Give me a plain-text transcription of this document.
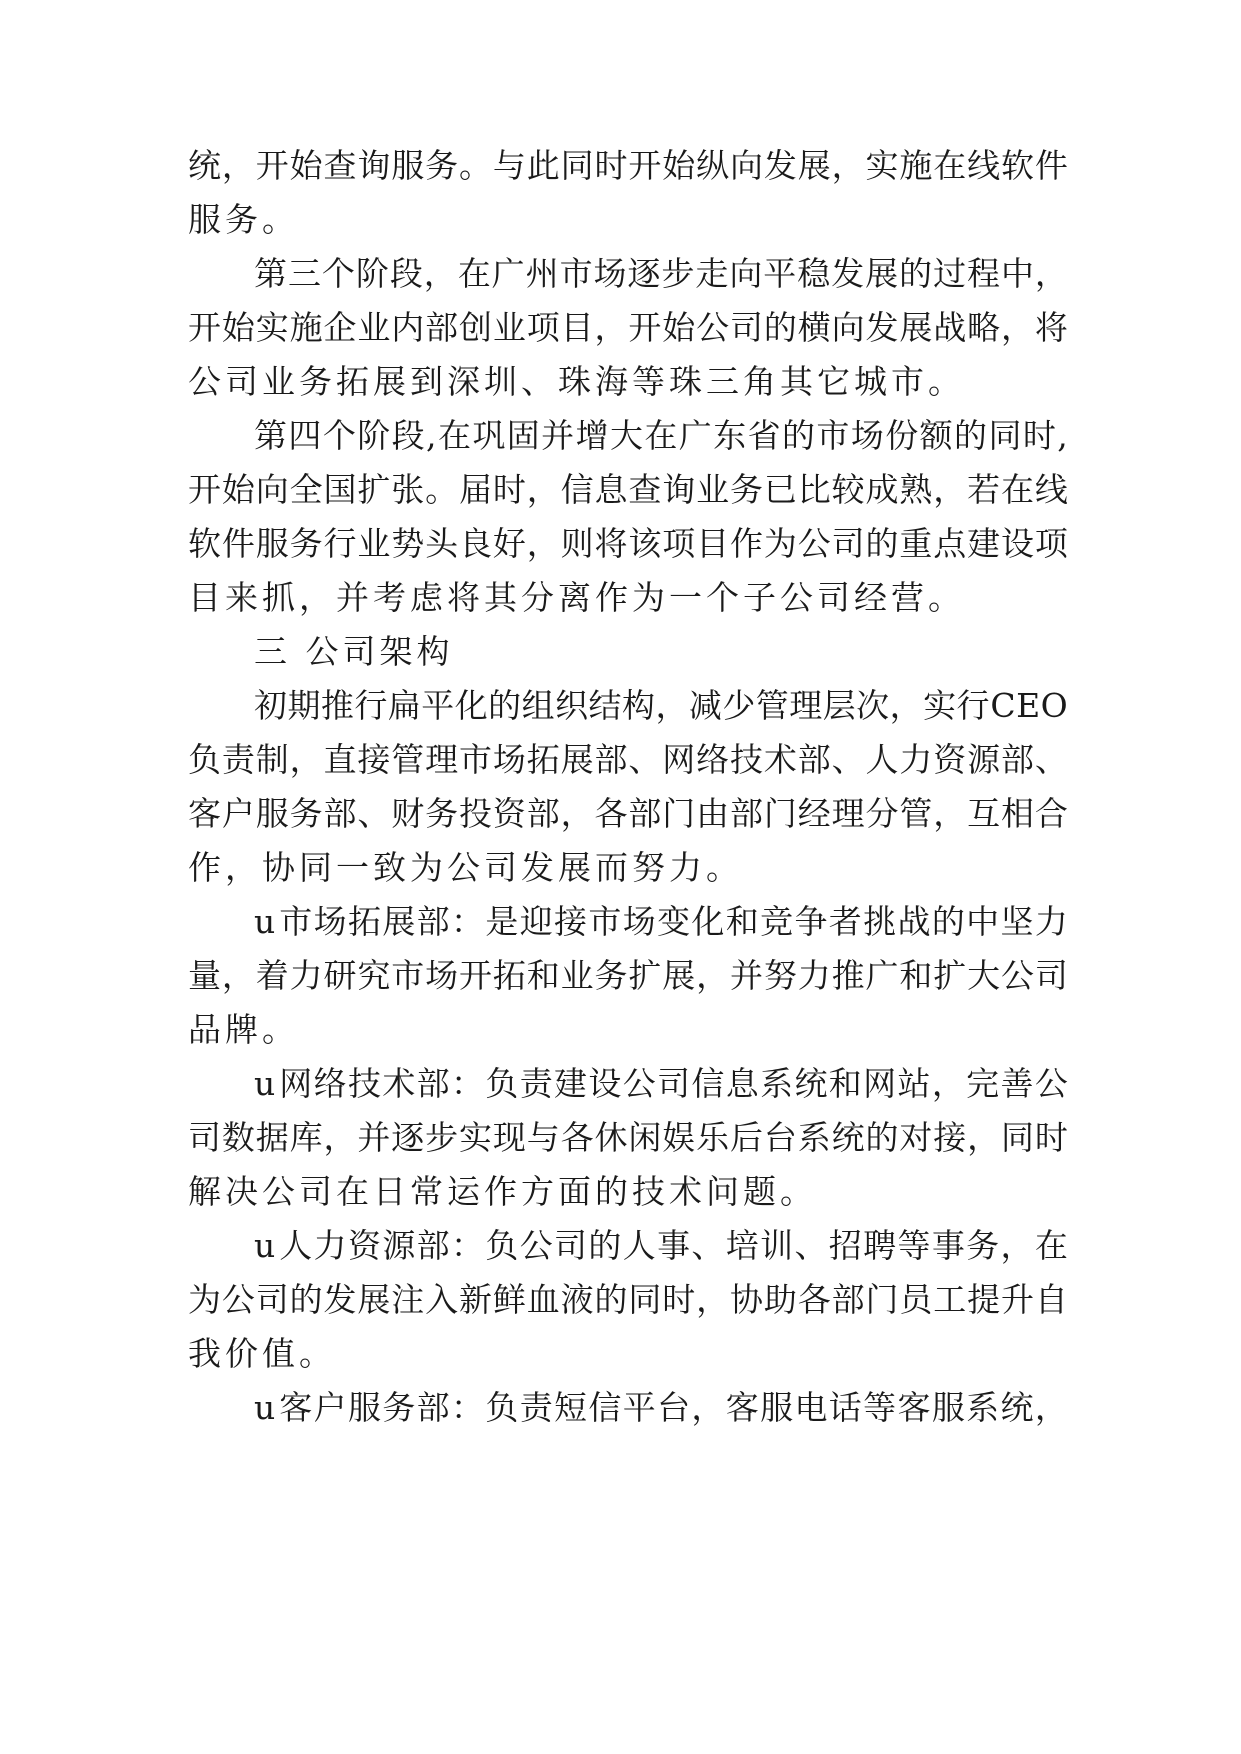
统 ， 开 始 查 询 服 务 。 与 此 同 时 开 始 纵 向 发 展 ， 实 施 在 线 软 件
服务。
第 三 个 阶 段 ， 在 广 州 市 场 逐 步 走 向 平 稳 发 展 的 过 程 中 ，
开 始 实 施 企 业 内 部 创 业 项 目 ， 开 始 公 司 的 横 向 发 展 战 略 ， 将
公司业务拓展到深圳、珠海等珠三角其它城市。
第 四 个 阶 段 , 在 巩 固 并 增 大 在 广 东 省 的 市 场 份 额 的 同 时 ,
开 始 向 全 国 扩 张 。 届 时 ， 信 息 查 询 业 务 已 比 较 成 熟 ， 若 在 线
软 件 服 务 行 业 势 头 良 好 ， 则 将 该 项 目 作 为 公 司 的 重 点 建 设 项
目来抓，并考虑将其分离作为一个子公司经营。
三 公司架构
初 期 推 行 扁 平 化 的 组 织 结 构 ， 减 少 管 理 层 次 ， 实 行 C E O
负 责 制 ， 直 接 管 理 市 场 拓 展 部 、 网 络 技 术 部 、 人 力 资 源 部 、
客 户 服 务 部 、 财 务 投 资 部 ， 各 部 门 由 部 门 经 理 分 管 ， 互 相 合
作，协同一致为公司发展而努力。
u 市 场 拓 展 部 ： 是 迎 接 市 场 变 化 和 竞 争 者 挑 战 的 中 坚 力
量 ， 着 力 研 究 市 场 开 拓 和 业 务 扩 展 ， 并 努 力 推 广 和 扩 大 公 司
品牌。
u 网 络 技 术 部 ： 负 责 建 设 公 司 信 息 系 统 和 网 站 ， 完 善 公
司 数 据 库 ， 并 逐 步 实 现 与 各 休 闲 娱 乐 后 台 系 统 的 对 接 ， 同 时
解决公司在日常运作方面的技术问题。
u 人 力 资 源 部 ： 负 公 司 的 人 事 、 培 训 、 招 聘 等 事 务 ， 在
为 公 司 的 发 展 注 入 新 鲜 血 液 的 同 时 ， 协 助 各 部 门 员 工 提 升 自
我价值。
u 客 户 服 务 部 ： 负 责 短 信 平 台 ， 客 服 电 话 等 客 服 系 统 ，
